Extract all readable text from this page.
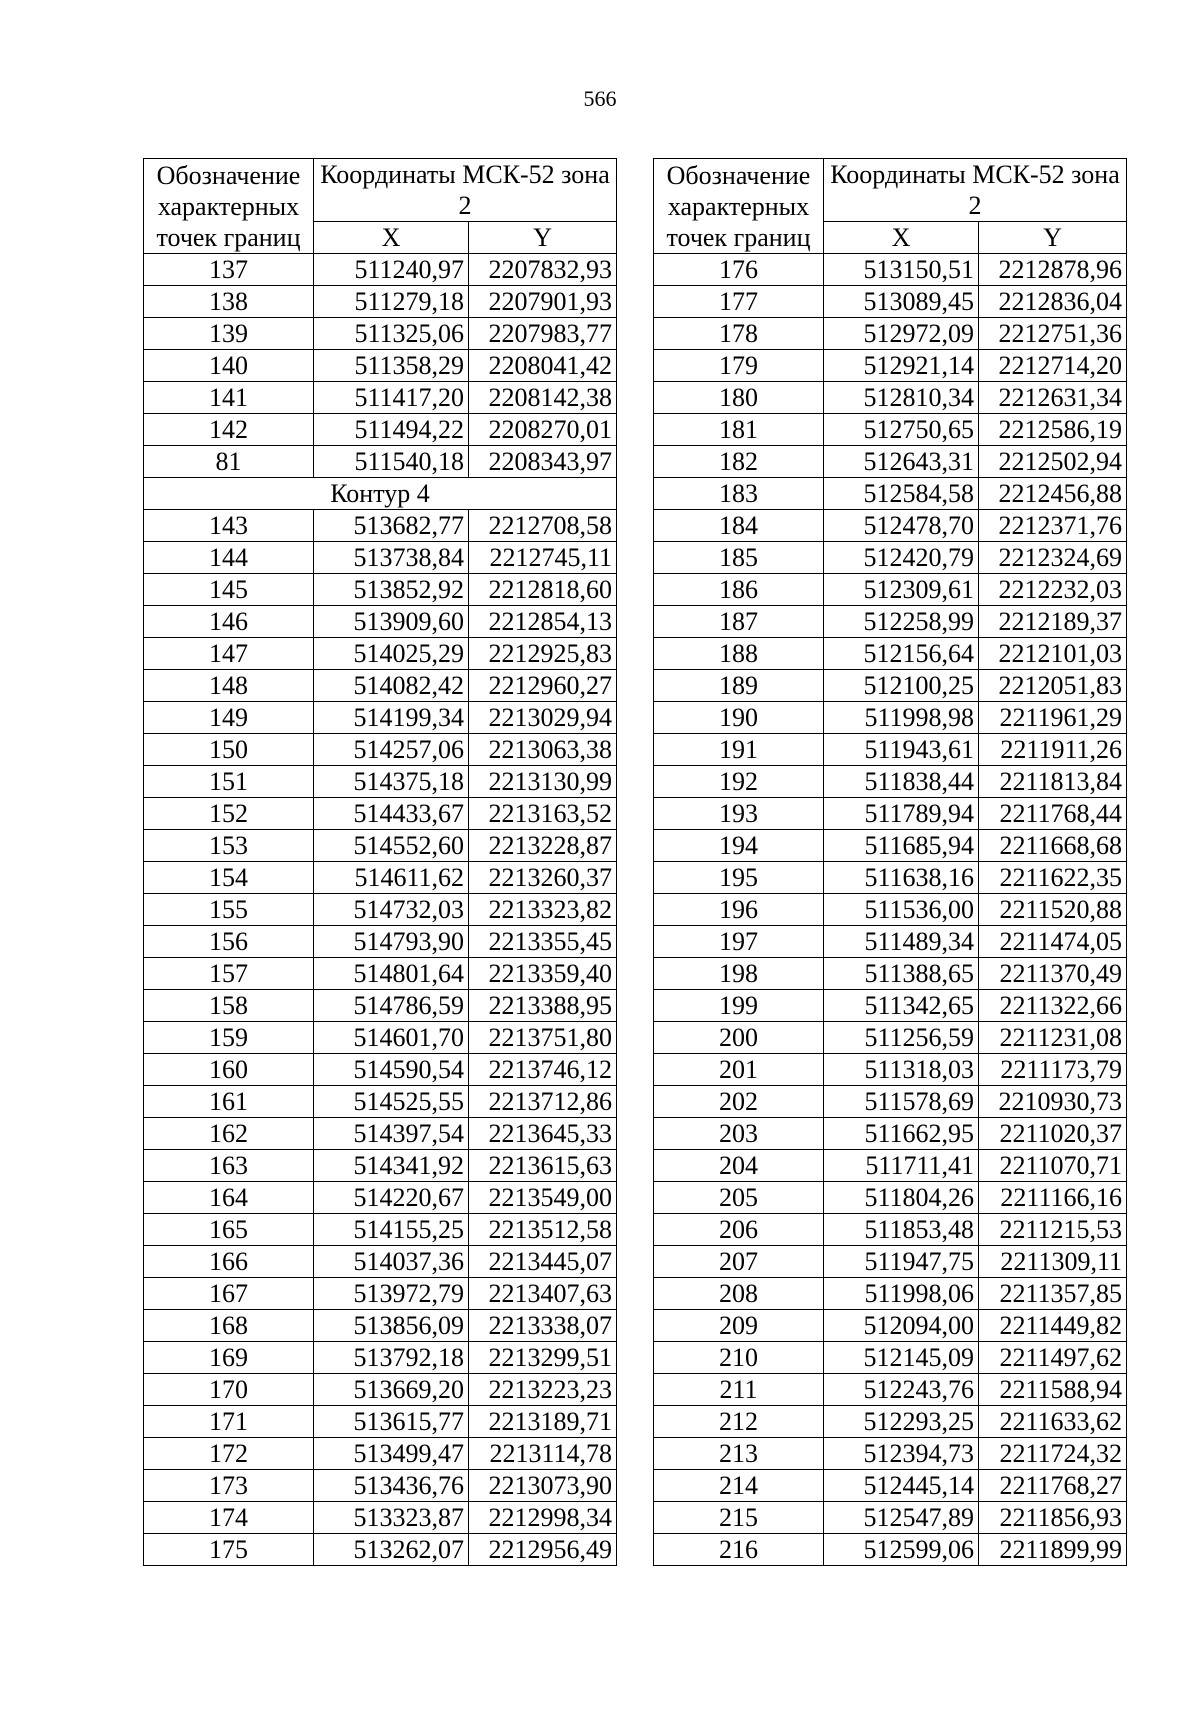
566
Обозначение характерных точек границ	Координаты МСК-52 зона 2	
	X	Y
137	511240,97	2207832,93
138	511279,18	2207901,93
139	511325,06	2207983,77
140	511358,29	2208041,42
141	511417,20	2208142,38
142	511494,22	2208270,01
81	511540,18	2208343,97
Контур 4		
143	513682,77	2212708,58
144	513738,84	2212745,11
145	513852,92	2212818,60
146	513909,60	2212854,13
147	514025,29	2212925,83
148	514082,42	2212960,27
149	514199,34	2213029,94
150	514257,06	2213063,38
151	514375,18	2213130,99
152	514433,67	2213163,52
153	514552,60	2213228,87
154	514611,62	2213260,37
155	514732,03	2213323,82
156	514793,90	2213355,45
157	514801,64	2213359,40
158	514786,59	2213388,95
159	514601,70	2213751,80
160	514590,54	2213746,12
161	514525,55	2213712,86
162	514397,54	2213645,33
163	514341,92	2213615,63
164	514220,67	2213549,00
165	514155,25	2213512,58
166	514037,36	2213445,07
167	513972,79	2213407,63
168	513856,09	2213338,07
169	513792,18	2213299,51
170	513669,20	2213223,23
171	513615,77	2213189,71
172	513499,47	2213114,78
173	513436,76	2213073,90
174	513323,87	2212998,34
175	513262,07	2212956,49
Обозначение характерных точек границ	Координаты МСК-52 зона 2	
	X	Y
176	513150,51	2212878,96
177	513089,45	2212836,04
178	512972,09	2212751,36
179	512921,14	2212714,20
180	512810,34	2212631,34
181	512750,65	2212586,19
182	512643,31	2212502,94
183	512584,58	2212456,88
184	512478,70	2212371,76
185	512420,79	2212324,69
186	512309,61	2212232,03
187	512258,99	2212189,37
188	512156,64	2212101,03
189	512100,25	2212051,83
190	511998,98	2211961,29
191	511943,61	2211911,26
192	511838,44	2211813,84
193	511789,94	2211768,44
194	511685,94	2211668,68
195	511638,16	2211622,35
196	511536,00	2211520,88
197	511489,34	2211474,05
198	511388,65	2211370,49
199	511342,65	2211322,66
200	511256,59	2211231,08
201	511318,03	2211173,79
202	511578,69	2210930,73
203	511662,95	2211020,37
204	511711,41	2211070,71
205	511804,26	2211166,16
206	511853,48	2211215,53
207	511947,75	2211309,11
208	511998,06	2211357,85
209	512094,00	2211449,82
210	512145,09	2211497,62
211	512243,76	2211588,94
212	512293,25	2211633,62
213	512394,73	2211724,32
214	512445,14	2211768,27
215	512547,89	2211856,93
216	512599,06	2211899,99
